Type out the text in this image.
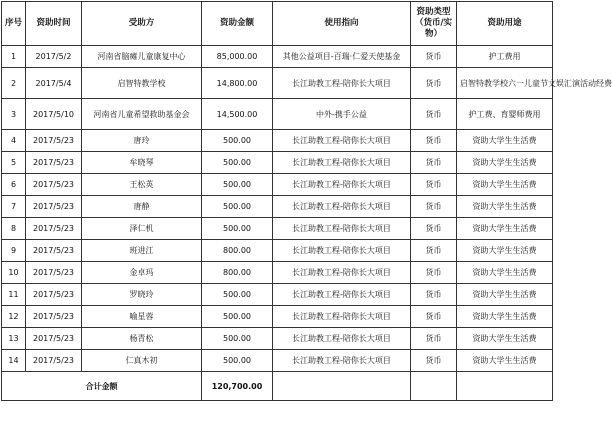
序号	资助时间	受助方	资助金额	使用指向	资助类型（货币/实物）	资助用途
1	2017/5/2	河南省脑瘫儿童康复中心	85,000.00	其他公益项目-百瑞·仁爱天使基金	货币	护工费用
2	2017/5/4	启智特教学校	14,800.00	长江助教工程-陪你长大项目	货币	启智特教学校六一儿童节文娱汇演活动经费
3	2017/5/10	河南省儿童希望救助基金会	14,500.00	中外-携手公益	货币	护工费、育婴师费用
4	2017/5/23	唐玲	500.00	长江助教工程-陪你长大项目	货币	资助大学生生活费
5	2017/5/23	牟晓琴	500.00	长江助教工程-陪你长大项目	货币	资助大学生生活费
6	2017/5/23	王松英	500.00	长江助教工程-陪你长大项目	货币	资助大学生生活费
7	2017/5/23	唐静	500.00	长江助教工程-陪你长大项目	货币	资助大学生生活费
8	2017/5/23	泽仁机	500.00	长江助教工程-陪你长大项目	货币	资助大学生生活费
9	2017/5/23	班进江	800.00	长江助教工程-陪你长大项目	货币	资助大学生生活费
10	2017/5/23	金卓玛	800.00	长江助教工程-陪你长大项目	货币	资助大学生生活费
11	2017/5/23	罗晓玲	500.00	长江助教工程-陪你长大项目	货币	资助大学生生活费
12	2017/5/23	喻星蓉	500.00	长江助教工程-陪你长大项目	货币	资助大学生生活费
13	2017/5/23	杨青松	500.00	长江助教工程-陪你长大项目	货币	资助大学生生活费
14	2017/5/23	仁真木初	500.00	长江助教工程-陪你长大项目	货币	资助大学生生活费
合计金额			120,700.00			
